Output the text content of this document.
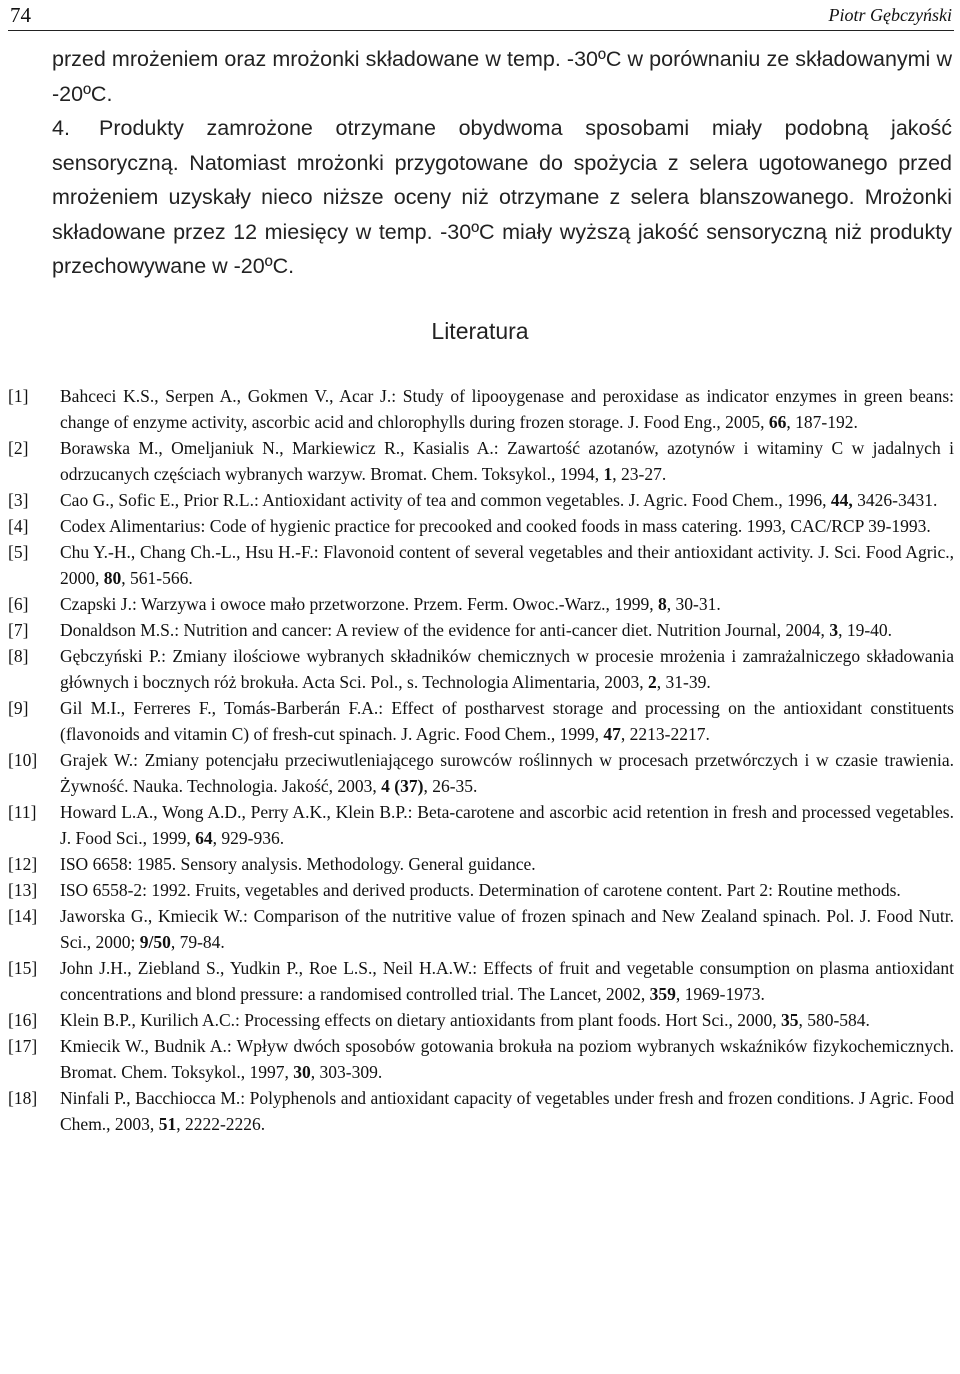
74	Piotr Gębczyński

przed mrożeniem oraz mrożonki składowane w temp. -30ºC w porównaniu ze składowanymi w -20ºC.

4. Produkty zamrożone otrzymane obydwoma sposobami miały podobną jakość sensoryczną. Natomiast mrożonki przygotowane do spożycia z selera ugotowanego przed mrożeniem uzyskały nieco niższe oceny niż otrzymane z selera blanszowanego. Mrożonki składowane przez 12 miesięcy w temp. -30ºC miały wyższą jakość sensoryczną niż produkty przechowywane w -20ºC.

Literatura
[1] Bahceci K.S., Serpen A., Gokmen V., Acar J.: Study of lipooygenase and peroxidase as indicator enzymes in green beans: change of enzyme activity, ascorbic acid and chlorophylls during frozen storage. J. Food Eng., 2005, 66, 187-192.
[2] Borawska M., Omeljaniuk N., Markiewicz R., Kasialis A.: Zawartość azotanów, azotynów i witaminy C w jadalnych i odrzucanych częściach wybranych warzyw. Bromat. Chem. Toksykol., 1994, 1, 23-27.
[3] Cao G., Sofic E., Prior R.L.: Antioxidant activity of tea and common vegetables. J. Agric. Food Chem., 1996, 44, 3426-3431.
[4] Codex Alimentarius: Code of hygienic practice for precooked and cooked foods in mass catering. 1993, CAC/RCP 39-1993.
[5] Chu Y.-H., Chang Ch.-L., Hsu H.-F.: Flavonoid content of several vegetables and their antioxidant activity. J. Sci. Food Agric., 2000, 80, 561-566.
[6] Czapski J.: Warzywa i owoce mało przetworzone. Przem. Ferm. Owoc.-Warz., 1999, 8, 30-31.
[7] Donaldson M.S.: Nutrition and cancer: A review of the evidence for anti-cancer diet. Nutrition Journal, 2004, 3, 19-40.
[8] Gębczyński P.: Zmiany ilościowe wybranych składników chemicznych w procesie mrożenia i zamrażalniczego składowania głównych i bocznych róż brokuła. Acta Sci. Pol., s. Technologia Alimentaria, 2003, 2, 31-39.
[9] Gil M.I., Ferreres F., Tomás-Barberán F.A.: Effect of postharvest storage and processing on the antioxidant constituents (flavonoids and vitamin C) of fresh-cut spinach. J. Agric. Food Chem., 1999, 47, 2213-2217.
[10] Grajek W.: Zmiany potencjału przeciwutleniającego surowców roślinnych w procesach przetwórczych i w czasie trawienia. Żywność. Nauka. Technologia. Jakość, 2003, 4 (37), 26-35.
[11] Howard L.A., Wong A.D., Perry A.K., Klein B.P.: Beta-carotene and ascorbic acid retention in fresh and processed vegetables. J. Food Sci., 1999, 64, 929-936.
[12] ISO 6658: 1985. Sensory analysis. Methodology. General guidance.
[13] ISO 6558-2: 1992. Fruits, vegetables and derived products. Determination of carotene content. Part 2: Routine methods.
[14] Jaworska G., Kmiecik W.: Comparison of the nutritive value of frozen spinach and New Zealand spinach. Pol. J. Food Nutr. Sci., 2000; 9/50, 79-84.
[15] John J.H., Ziebland S., Yudkin P., Roe L.S., Neil H.A.W.: Effects of fruit and vegetable consumption on plasma antioxidant concentrations and blond pressure: a randomised controlled trial. The Lancet, 2002, 359, 1969-1973.
[16] Klein B.P., Kurilich A.C.: Processing effects on dietary antioxidants from plant foods. Hort Sci., 2000, 35, 580-584.
[17] Kmiecik W., Budnik A.: Wpływ dwóch sposobów gotowania brokuła na poziom wybranych wskaźników fizykochemicznych. Bromat. Chem. Toksykol., 1997, 30, 303-309.
[18] Ninfali P., Bacchiocca M.: Polyphenols and antioxidant capacity of vegetables under fresh and frozen conditions. J Agric. Food Chem., 2003, 51, 2222-2226.
